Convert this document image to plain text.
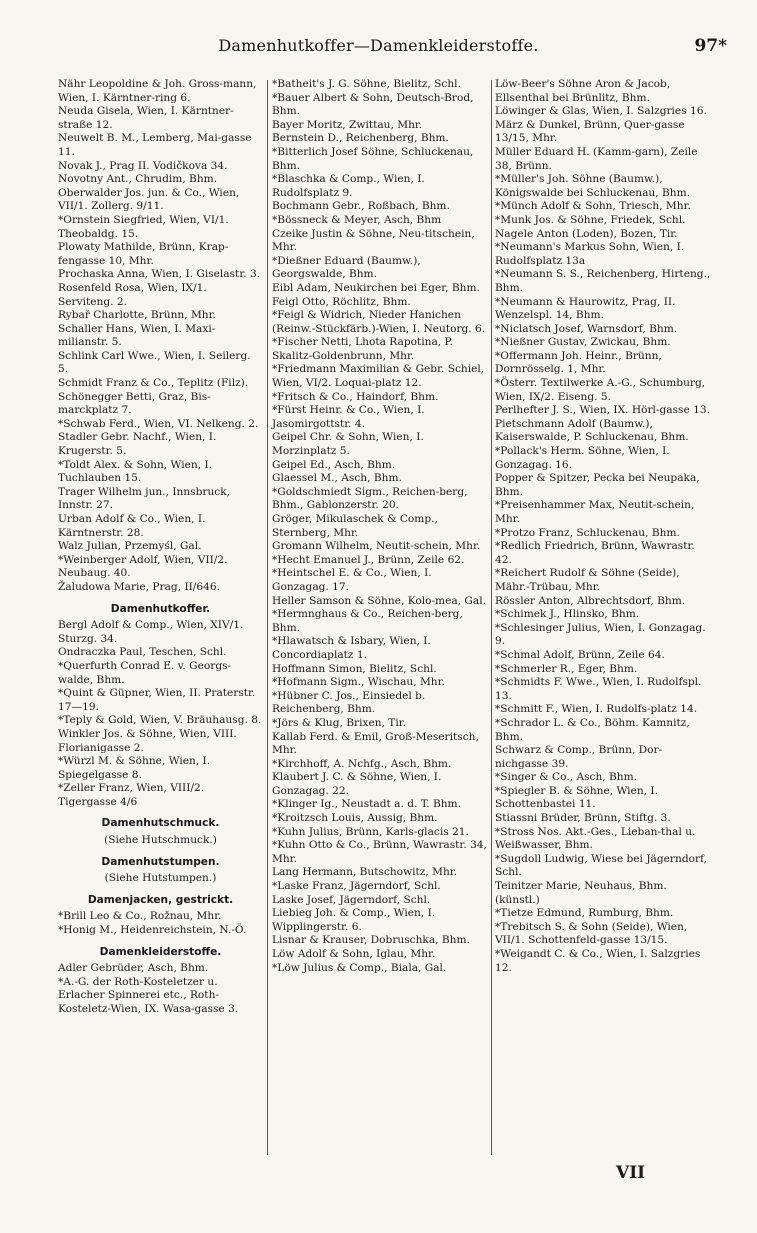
Damenhutkoffer—Damenkleiderstoffe.	97*
Nähr Leopoldine & Joh. Gross-mann, Wien, I. Kärntner-ring 6.
Neuda Gisela, Wien, I. Kärntner-straße 12.
Neuwelt B. M., Lemberg, Mai-gasse 11.
Novak J., Prag II. Vodičkova 34.
Novotny Ant., Chrudim, Bhm.
Oberwalder Jos. jun. & Co., Wien, VII/1. Zollerg. 9/11.
*Ornstein Siegfried, Wien, VI/1. Theobaldg. 15.
Plowaty Mathilde, Brünn, Krap-fengasse 10, Mhr.
Prochaska Anna, Wien, I. Giselastr. 3.
Rosenfeld Rosa, Wien, IX/1. Serviteng. 2.
Rybař Charlotte, Brünn, Mhr.
Schaller Hans, Wien, I. Maxi-milianstr. 5.
Schlink Carl Wwe., Wien, I. Seilerg. 5.
Schmidt Franz & Co., Teplitz (Filz).
Schönegger Betti, Graz, Bis-marckplatz 7.
*Schwab Ferd., Wien, VI. Nelkeng. 2.
Stadler Gebr. Nachf., Wien, I. Krugerstr. 5.
*Toldt Alex. & Sohn, Wien, I. Tuchlauben 15.
Trager Wilhelm jun., Innsbruck, Innstr. 27.
Urban Adolf & Co., Wien, I. Kärntnerstr. 28.
Walz Julian, Przemyśl, Gal.
*Weinberger Adolf, Wien, VII/2. Neubaug. 40.
Žaludowa Marie, Prag, II/646.
Damenhutkoffer.
Bergl Adolf & Comp., Wien, XIV/1. Sturzg. 34.
Ondraczka Paul, Teschen, Schl.
*Querfurth Conrad E. v. Georgs-walde, Bhm.
*Quint & Güpner, Wien, II. Praterstr. 17—19.
*Teply & Gold, Wien, V. Bräuhausg. 8.
Winkler Jos. & Söhne, Wien, VIII. Florianigasse 2.
*Würzl M. & Söhne, Wien, I. Spiegelgasse 8.
*Zeller Franz, Wien, VIII/2. Tigergasse 4/6
Damenhutschmuck.
(Siehe Hutschmuck.)
Damenhutstumpen.
(Siehe Hutstumpen.)
Damenjacken, gestrickt.
*Brill Leo & Co., Rožnau, Mhr.
*Honig M., Heidenreichstein, N.-Ö.
Damenkleiderstoffe.
Adler Gebrüder, Asch, Bhm.
*A.-G. der Roth-Kosteletzer u. Erlacher Spinnerei etc., Roth-Kosteletz-Wien, IX. Wasa-gasse 3.
*Batheit's J. G. Söhne, Bielitz, Schl.
*Bauer Albert & Sohn, Deutsch-Brod, Bhm.
Bayer Moritz, Zwittau, Mhr.
Bernstein D., Reichenberg, Bhm.
*Bitterlich Josef Söhne, Schluckenau, Bhm.
*Blaschka & Comp., Wien, I. Rudolfsplatz 9.
Bochmann Gebr., Roßbach, Bhm.
*Bössneck & Meyer, Asch, Bhm
Czeike Justin & Söhne, Neu-titschein, Mhr.
*Dießner Eduard (Baumw.), Georgswalde, Bhm.
Eibl Adam, Neukirchen bei Eger, Bhm.
Feigl Otto, Röchlitz, Bhm.
*Feigl & Widrich, Nieder Hanichen (Reinw.-Stückfärb.)-Wien, I. Neutorg. 6.
*Fischer Netti, Lhota Rapotina, P. Skalitz-Goldenbrunn, Mhr.
*Friedmann Maximilian & Gebr. Schiel, Wien, VI/2. Loquai-platz 12.
*Fritsch & Co., Haindorf, Bhm.
*Fürst Heinr. & Co., Wien, I. Jasomirgottstr. 4.
Geipel Chr. & Sohn, Wien, I. Morzinplatz 5.
Geipel Ed., Asch, Bhm.
Glaessel M., Asch, Bhm.
*Goldschmiedt Sigm., Reichen-berg, Bhm., Gablonzerstr. 20.
Gröger, Mikulaschek & Comp., Sternberg, Mhr.
Gromann Wilhelm, Neutit-schein, Mhr.
*Hecht Emanuel J., Brünn, Zeile 62.
*Heintschel E. & Co., Wien, I. Gonzagag. 17.
Heller Samson & Söhne, Kolo-mea, Gal.
*Hermnghaus & Co., Reichen-berg, Bhm.
*Hlawatsch & Isbary, Wien, I. Concordiaplatz 1.
Hoffmann Simon, Bielitz, Schl.
*Hofmann Sigm., Wischau, Mhr.
*Hübner C. Jos., Einsiedel b. Reichenberg, Bhm.
*Jörs & Klug, Brixen, Tir.
Kallab Ferd. & Emil, Groß-Meseritsch, Mhr.
*Kirchhoff, A. Nchfg., Asch, Bhm.
Klaubert J. C. & Söhne, Wien, I. Gonzagag. 22.
*Klinger Ig., Neustadt a. d. T. Bhm.
*Kroitzsch Louis, Aussig, Bhm.
*Kuhn Julius, Brünn, Karls-glacis 21.
*Kuhn Otto & Co., Brünn, Wawrastr. 34, Mhr.
Lang Hermann, Butschowitz, Mhr.
*Laske Franz, Jägerndorf, Schl.
Laske Josef, Jägerndorf, Schl.
Liebieg Joh. & Comp., Wien, I. Wipplingerstr. 6.
Lisnar & Krauser, Dobruschka, Bhm.
Löw Adolf & Sohn, Iglau, Mhr.
*Löw Julius & Comp., Biala, Gal.
Löw-Beer's Söhne Aron & Jacob, Ellsenthal bei Brünlitz, Bhm.
Löwinger & Glas, Wien, I. Salzgries 16.
März & Dunkel, Brünn, Quer-gasse 13/15, Mhr.
Müller Eduard H. (Kamm-garn), Zeile 38, Brünn.
*Müller's Joh. Söhne (Baumw.), Königswalde bei Schluckenau, Bhm.
*Münch Adolf & Sohn, Triesch, Mhr.
*Munk Jos. & Söhne, Friedek, Schl.
Nagele Anton (Loden), Bozen, Tir.
*Neumann's Markus Sohn, Wien, I. Rudolfsplatz 13a
*Neumann S. S., Reichenberg, Hirteng., Bhm.
*Neumann & Haurowitz, Prag, II. Wenzelspl. 14, Bhm.
*Niclatsch Josef, Warnsdorf, Bhm.
*Nießner Gustav, Zwickau, Bhm.
*Offermann Joh. Heinr., Brünn, Dornrösselg. 1, Mhr.
*Österr. Textilwerke A.-G., Schumburg, Wien, IX/2. Eiseng. 5.
Perlhefter J. S., Wien, IX. Hörl-gasse 13.
Pietschmann Adolf (Baumw.), Kaiserswalde, P. Schluckenau, Bhm.
*Pollack's Herm. Söhne, Wien, I. Gonzagag. 16.
Popper & Spitzer, Pecka bei Neupaka, Bhm.
*Preisenhammer Max, Neutit-schein, Mhr.
*Protzo Franz, Schluckenau, Bhm.
*Redlich Friedrich, Brünn, Wawrastr. 42.
*Reichert Rudolf & Söhne (Seide), Mähr.-Trübau, Mhr.
Rössler Anton, Albrechtsdorf, Bhm.
*Schimek J., Hlinsko, Bhm.
*Schlesinger Julius, Wien, I. Gonzagag. 9.
*Schmal Adolf, Brünn, Zeile 64.
*Schmerler R., Eger, Bhm.
*Schmidts F. Wwe., Wien, I. Rudolfspl. 13.
*Schmitt F., Wien, I. Rudolfs-platz 14.
*Schrador L. & Co., Böhm. Kamnitz, Bhm.
Schwarz & Comp., Brünn, Dor-nichgasse 39.
*Singer & Co., Asch, Bhm.
*Spiegler B. & Söhne, Wien, I. Schottenbastei 11.
Stiassni Brüder, Brünn, Stiftg. 3.
*Stross Nos. Akt.-Ges., Lieban-thal u. Weißwasser, Bhm.
*Sugdoll Ludwig, Wiese bei Jägerndorf, Schl.
Teinitzer Marie, Neuhaus, Bhm. (künstl.)
*Tietze Edmund, Rumburg, Bhm.
*Trebitsch S. & Sohn (Seide), Wien, VII/1. Schottenfeld-gasse 13/15.
*Weigandt C. & Co., Wien, I. Salzgries 12.
VII
